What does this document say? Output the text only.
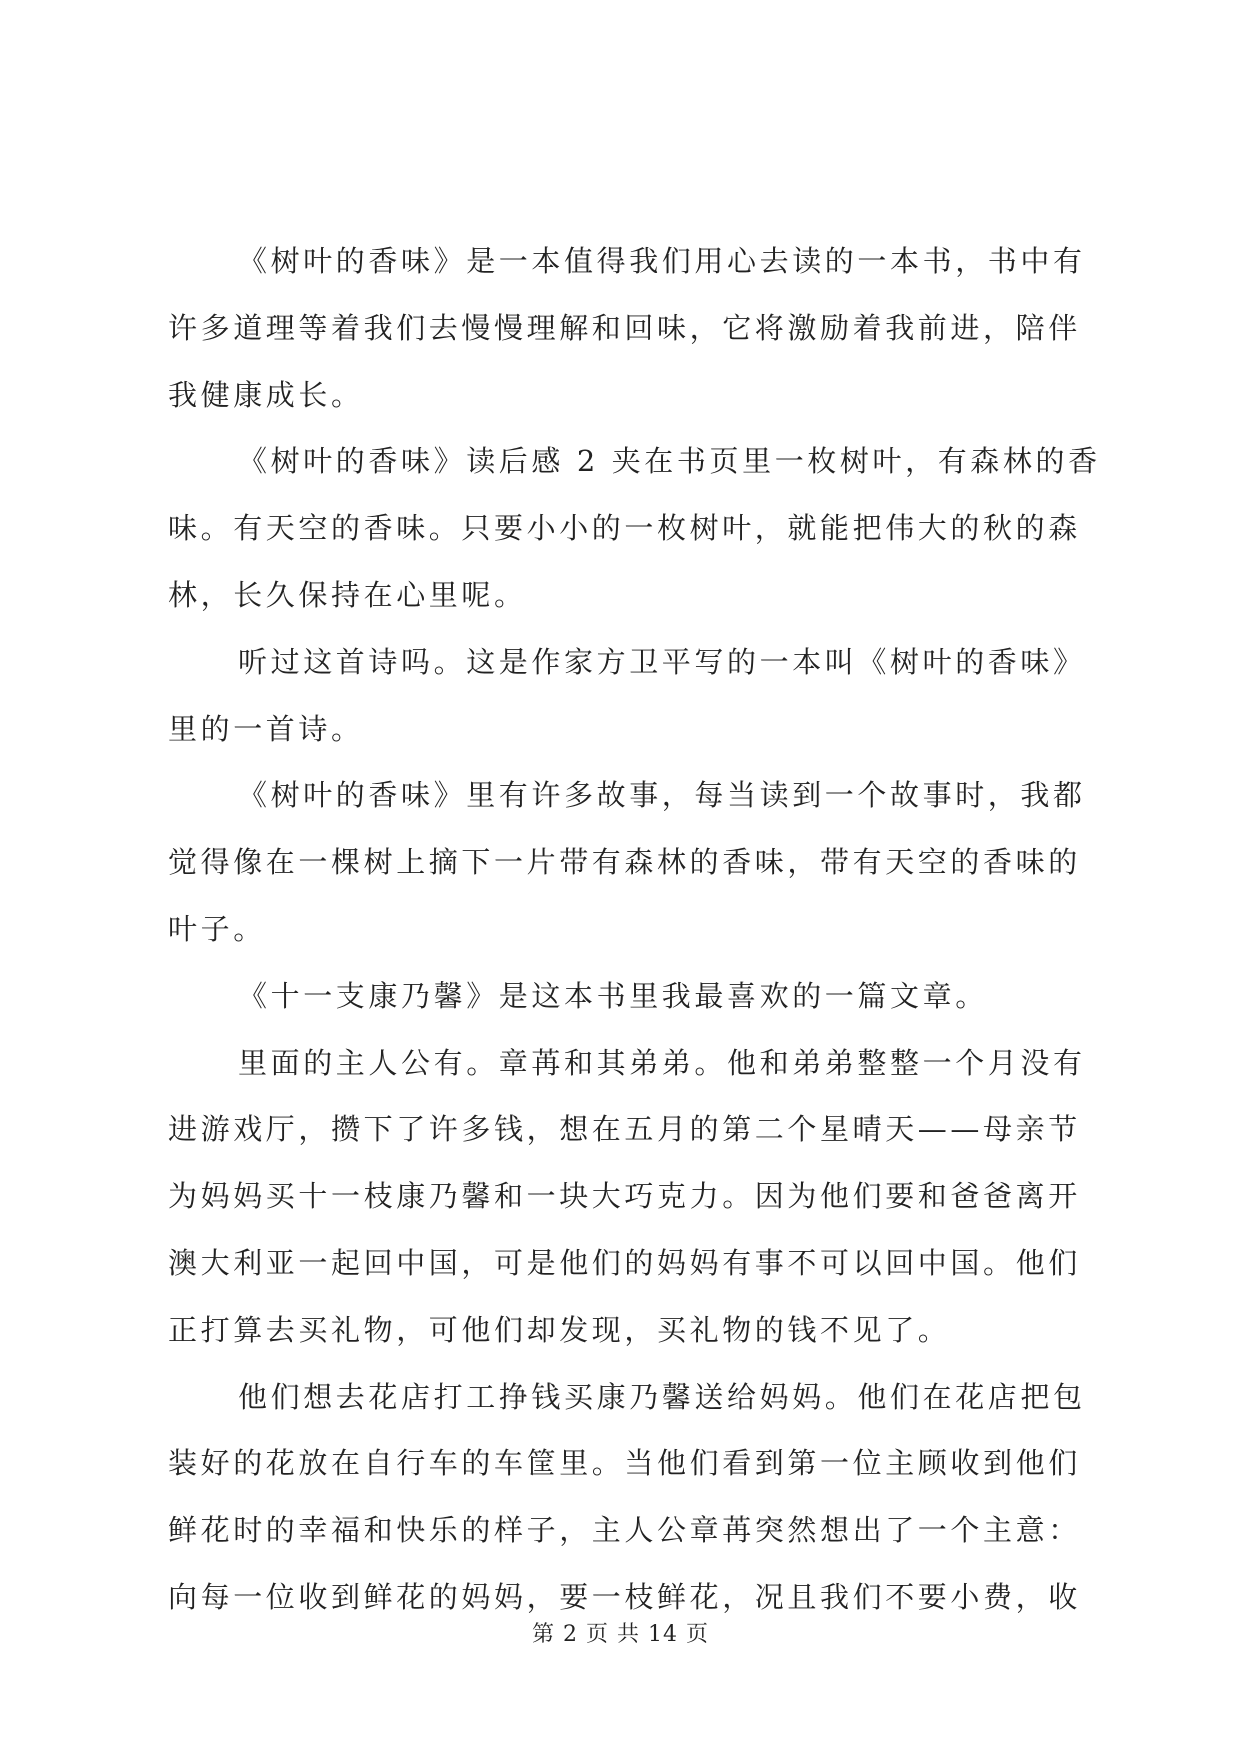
《树叶的香味》是一本值得我们用心去读的一本书，书中有
许多道理等着我们去慢慢理解和回味，它将激励着我前进，陪伴
我健康成长。
《树叶的香味》读后感 2 夹在书页里一枚树叶，有森林的香
味。有天空的香味。只要小小的一枚树叶，就能把伟大的秋的森
林，长久保持在心里呢。
听过这首诗吗。这是作家方卫平写的一本叫《树叶的香味》
里的一首诗。
《树叶的香味》里有许多故事，每当读到一个故事时，我都
觉得像在一棵树上摘下一片带有森林的香味，带有天空的香味的
叶子。
《十一支康乃馨》是这本书里我最喜欢的一篇文章。
里面的主人公有。章苒和其弟弟。他和弟弟整整一个月没有
进游戏厅，攒下了许多钱，想在五月的第二个星晴天——母亲节
为妈妈买十一枝康乃馨和一块大巧克力。因为他们要和爸爸离开
澳大利亚一起回中国，可是他们的妈妈有事不可以回中国。他们
正打算去买礼物，可他们却发现，买礼物的钱不见了。
他们想去花店打工挣钱买康乃馨送给妈妈。他们在花店把包
装好的花放在自行车的车筐里。当他们看到第一位主顾收到他们
鲜花时的幸福和快乐的样子，主人公章苒突然想出了一个主意：
向每一位收到鲜花的妈妈，要一枝鲜花，况且我们不要小费，收
第 2 页 共 14 页
